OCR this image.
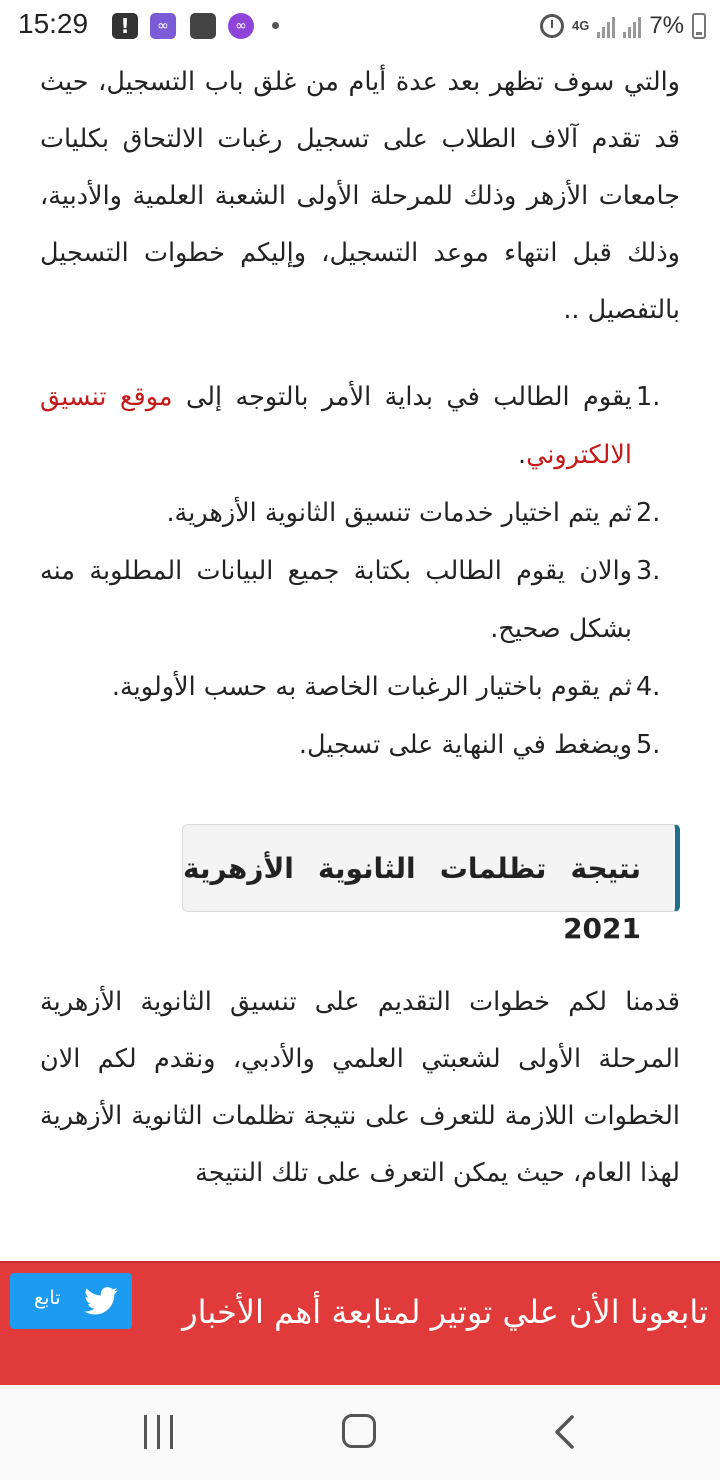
15:29	!	∞	∞	4G	7%

والتي سوف تظهر بعد عدة أيام من غلق باب التسجيل، حيث قد تقدم آلاف الطلاب على تسجيل رغبات الالتحاق بكليات جامعات الأزهر وذلك للمرحلة الأولى الشعبة العلمية والأدبية، وذلك قبل انتهاء موعد التسجيل، وإليكم خطوات التسجيل بالتفصيل ..

1.
يقوم الطالب في بداية الأمر بالتوجه إلى موقع تنسيق الالكتروني.
2.
ثم يتم اختيار خدمات تنسيق الثانوية الأزهرية.
3.
والان يقوم الطالب بكتابة جميع البيانات المطلوبة منه بشكل صحيح.
4.
ثم يقوم باختيار الرغبات الخاصة به حسب الأولوية.
5.
ويضغط في النهاية على تسجيل.
نتيجة تظلمات الثانوية الأزهرية 2021

قدمنا لكم خطوات التقديم على تنسيق الثانوية الأزهرية المرحلة الأولى لشعبتي العلمي والأدبي، ونقدم لكم الان الخطوات اللازمة للتعرف على نتيجة تظلمات الثانوية الأزهرية لهذا العام، حيث يمكن التعرف على تلك النتيجة

تابعونا الأن علي توتير لمتابعة أهم الأخبار
تابع
